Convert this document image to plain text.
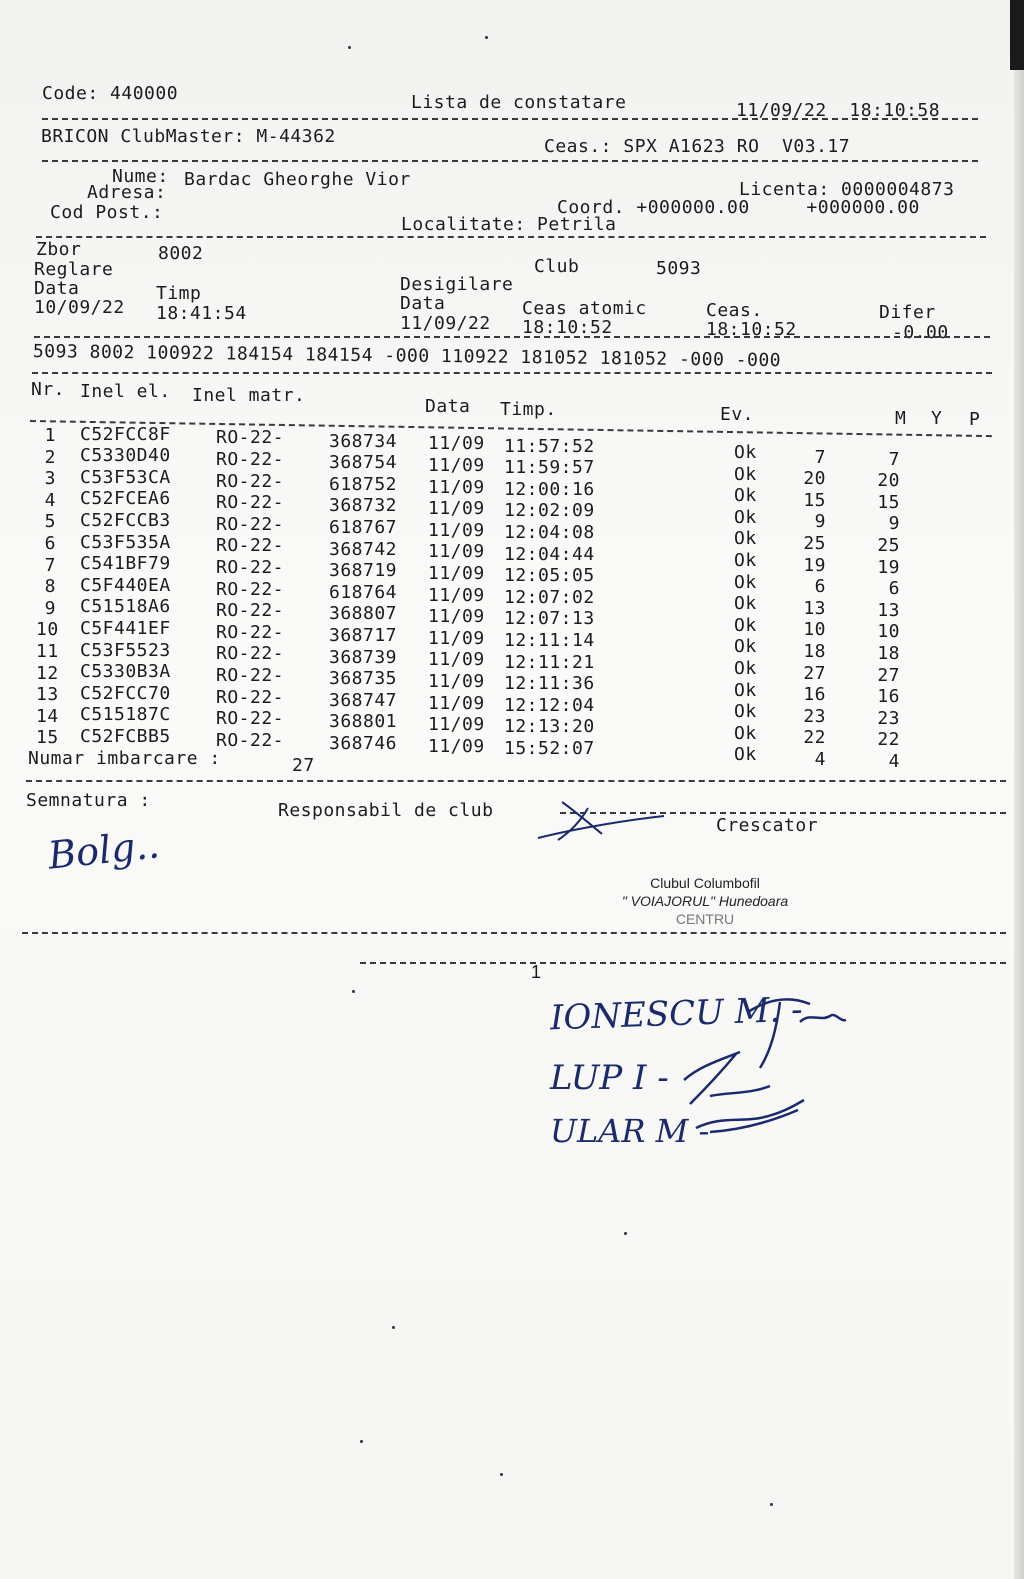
Code: 440000	Lista de constatare	11/09/22  18:10:58
BRICON ClubMaster: M-44362	Ceas.: SPX A1623 RO  V03.17
Nume: Bardac Gheorghe Vior
Adresa:	Licenta: 0000004873
Cod Post.:	Coord. +000000.00     +000000.00
Localitate: Petrila
Zbor	8002
Reglare	Club	5093
Desigilare
Data	Timp	Data	Ceas atomic	Ceas.	Difer
10/09/22 18:41:54	11/09/22 18:10:52	18:10:52	-0.00
5093 8002 100922 184154 184154 -000 110922 181052 181052 -000 -000
Nr. Inel el. Inel matr.
Data Timp.	Ev.	M Y P
1 C52FCC8F	RO-22- 368734 11/09 11:57:52	Ok	7	7
2 C5330D40	RO-22- 368754 11/09 11:59:57	Ok	20	20
3 C53F53CA	RO-22- 618752 11/09 12:00:16	Ok	15	15
4 C52FCEA6	RO-22- 368732 11/09 12:02:09	Ok	9	9
5 C52FCCB3	RO-22- 618767 11/09 12:04:08	Ok	25	25
6 C53F535A	RO-22- 368742 11/09 12:04:44	Ok	19	19
7 C541BF79	RO-22- 368719 11/09 12:05:05	Ok	6	6
8 C5F440EA	RO-22- 618764 11/09 12:07:02	Ok	13	13
9 C51518A6	RO-22- 368807 11/09 12:07:13	Ok	10	10
10 C5F441EF	RO-22- 368717 11/09 12:11:14	Ok	18	18
11 C53F5523	RO-22- 368739 11/09 12:11:21	Ok	27	27
12 C5330B3A	RO-22- 368735 11/09 12:11:36	Ok	16	16
13 C52FCC70	RO-22- 368747 11/09 12:12:04	Ok	23	23
14 C515187C	RO-22- 368801 11/09 12:13:20	Ok	22	22
15 C52FCBB5	RO-22- 368746 11/09 15:52:07	Ok	4	4
Numar imbarcare :	27
Semnatura :	Responsabil de club
Crescator
Bolg..
Clubul Columbofil
" VOIAJORUL" Hunedoara
CENTRU
1
IONESCU M. -
LUP I -
ULAR M -
